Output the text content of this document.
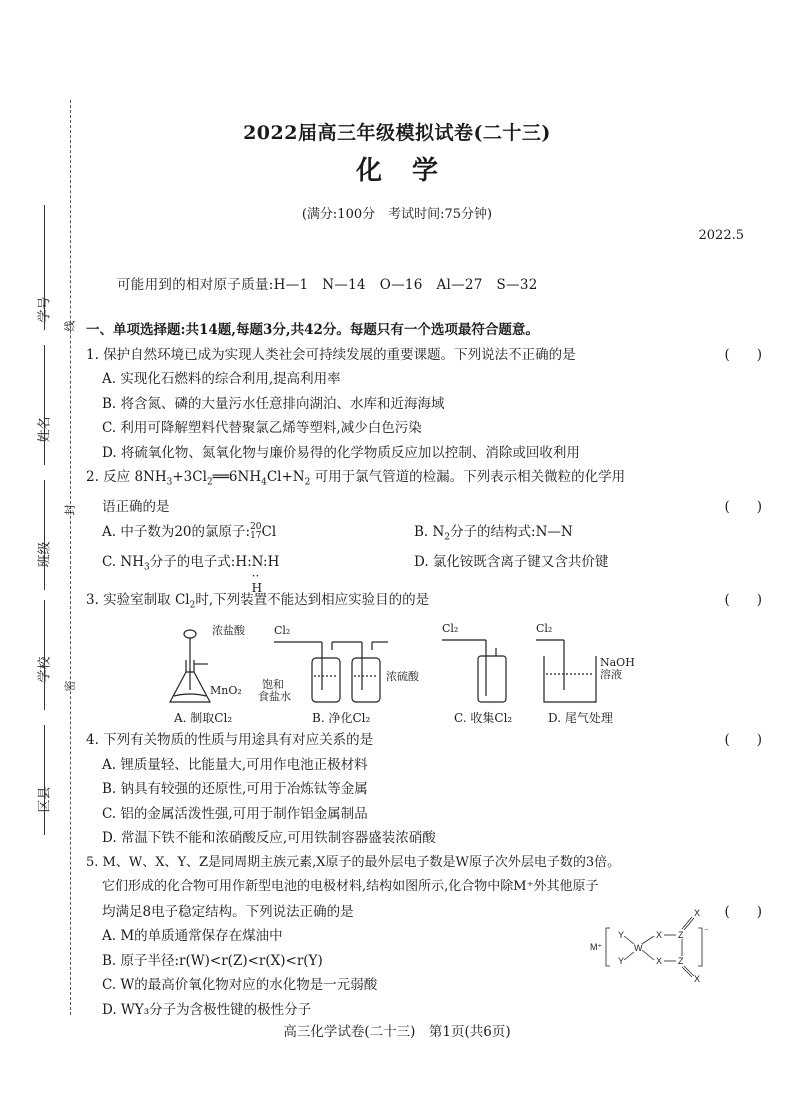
学号
姓名
班级
学校
区县
线
封
密
2022届高三年级模拟试卷(二十三)
化学
(满分:100分　考试时间:75分钟)
2022.5
可能用到的相对原子质量:H—1　N—14　O—16　Al—27　S—32
一、单项选择题:共14题,每题3分,共42分。每题只有一个选项最符合题意。
1. 保护自然环境已成为实现人类社会可持续发展的重要课题。下列说法不正确的是	(　　)
A. 实现化石燃料的综合利用,提高利用率
B. 将含氮、磷的大量污水任意排向湖泊、水库和近海海域
C. 利用可降解塑料代替聚氯乙烯等塑料,减少白色污染
D. 将硫氧化物、氮氧化物与廉价易得的化学物质反应加以控制、消除或回收利用
2. 反应 $8NH_3+3Cl_2══6NH_4Cl+N_2$ 可用于氯气管道的检漏。下列表示相关微粒的化学用
语正确的是	(　　)
A. 中子数为20的氯原子:20
17Cl	B. $N_2$分子的结构式:N—N
C. $NH_3$分子的电子式:H:N:H
··
H
D. 氯化铵既含离子键又含共价键
3. 实验室制取 $Cl_2$时,下列装置不能达到相应实验目的的是	(　　)
浓盐酸
MnO₂
Cl₂
饱和
食盐水
浓硫酸
Cl₂	Cl₂
NaOH
溶液
A. 制取Cl₂	B. 净化Cl₂	C. 收集Cl₂	D. 尾气处理
4. 下列有关物质的性质与用途具有对应关系的是	(　　)
A. 锂质量轻、比能量大,可用作电池正极材料
B. 钠具有较强的还原性,可用于冶炼钛等金属
C. 铝的金属活泼性强,可用于制作铝金属制品
D. 常温下铁不能和浓硝酸反应,可用铁制容器盛装浓硝酸
5. M、W、X、Y、Z是同周期主族元素,X原子的最外层电子数是W原子次外层电子数的3倍。
它们形成的化合物可用作新型电池的电极材料,结构如图所示,化合物中除M⁺外其他原子
均满足8电子稳定结构。下列说法正确的是	(　　)
A. M的单质通常保存在煤油中
B. 原子半径:r(W)<r(Z)<r(X)<r(Y)
C. W的最高价氧化物对应的水化物是一元弱酸
D. WY₃分子为含极性键的极性分子
M⁺
Y
Y
W
X
X
Z
Z
X
X
⁻
高三化学试卷(二十三)　第1页(共6页)
